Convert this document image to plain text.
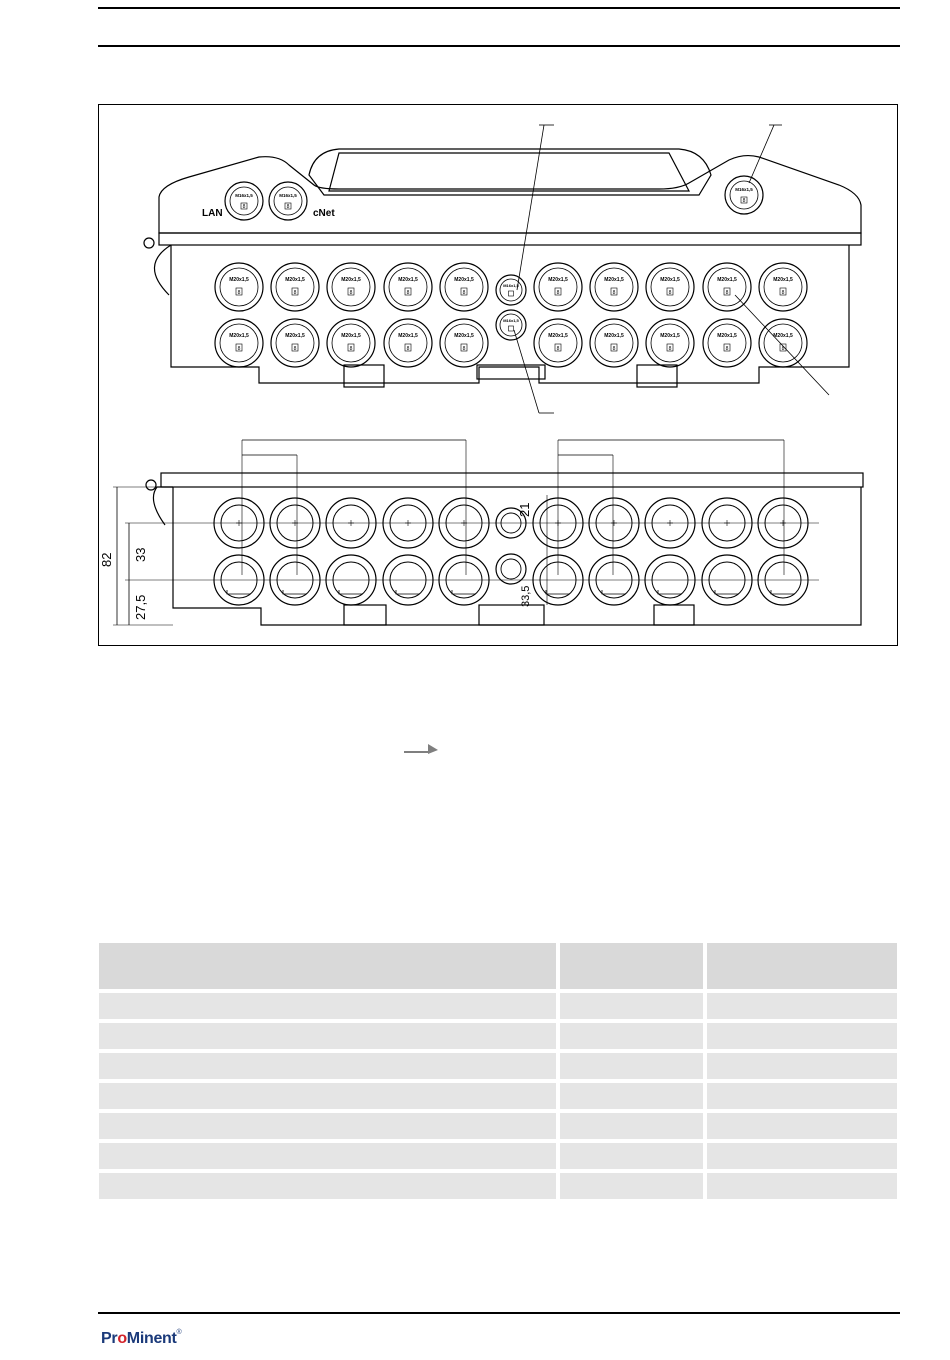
M20x1,5
8
M20x1,5
8
M20x1,5
8
M20x1,5
8
M20x1,5
8
M20x1,5
8
M20x1,5
8
M20x1,5
8
M20x1,5
8
M20x1,5
8
M20x1,5
8
M20x1,5
8
M20x1,5
8
M20x1,5
8
M20x1,5
8
M20x1,5
8
M20x1,5
8
M20x1,5
8
M20x1,5
8
M20x1,5
8
M16x1,5
M16x1,5
M16x1,5
8
M16x1,5
8
M16x1,5
8
LAN	cNet
82 33
27,5
21
33,5

ProMinent®
